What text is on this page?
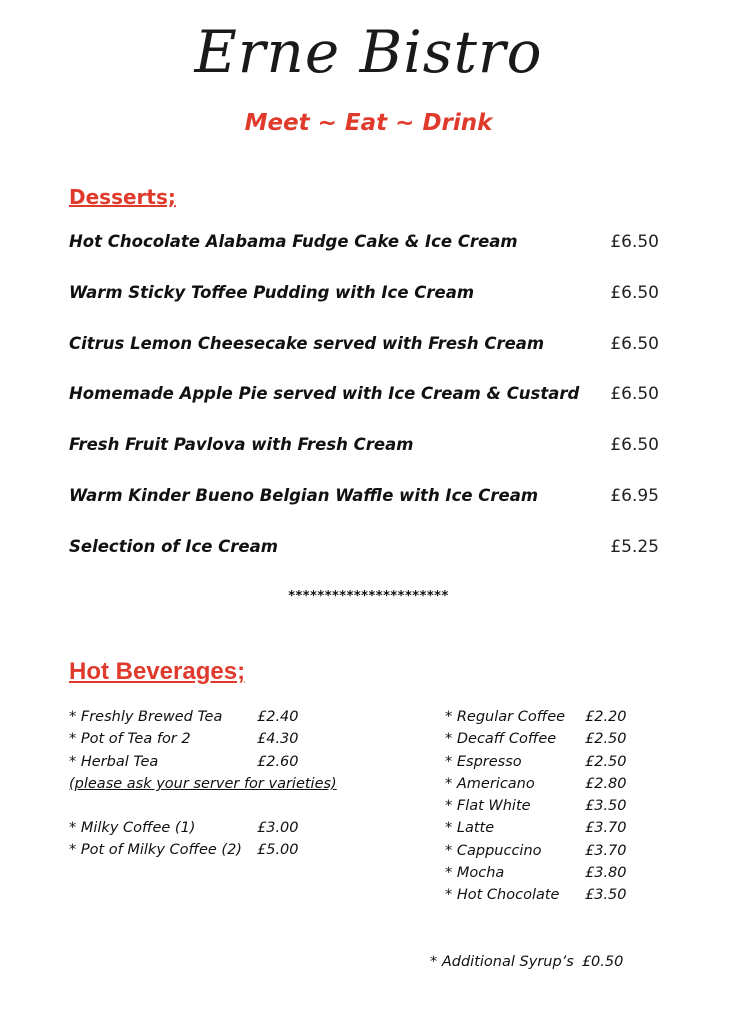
Erne Bistro
Meet ~ Eat ~ Drink
Desserts;
Hot Chocolate Alabama Fudge Cake & Ice Cream	£6.50
Warm Sticky Toffee Pudding with Ice Cream	£6.50
Citrus Lemon Cheesecake served with Fresh Cream	£6.50
Homemade Apple Pie served with Ice Cream & Custard £6.50
Fresh Fruit Pavlova with Fresh Cream	£6.50
Warm Kinder Bueno Belgian Waffle with Ice Cream	£6.95
Selection of Ice Cream	£5.25
**********************
Hot Beverages;
* Freshly Brewed Tea £2.40
* Pot of Tea for 2	£4.30
* Herbal Tea	£2.60
(please ask your server for varieties)
* Milky Coffee (1)	£3.00
* Pot of Milky Coffee (2) £5.00
* Regular Coffee £2.20
* Decaff Coffee £2.50
* Espresso	£2.50
* Americano	£2.80
* Flat White	£3.50
* Latte	£3.70
* Cappuccino	£3.70
* Mocha	£3.80
* Hot Chocolate £3.50
* Additional Syrup’s £0.50
